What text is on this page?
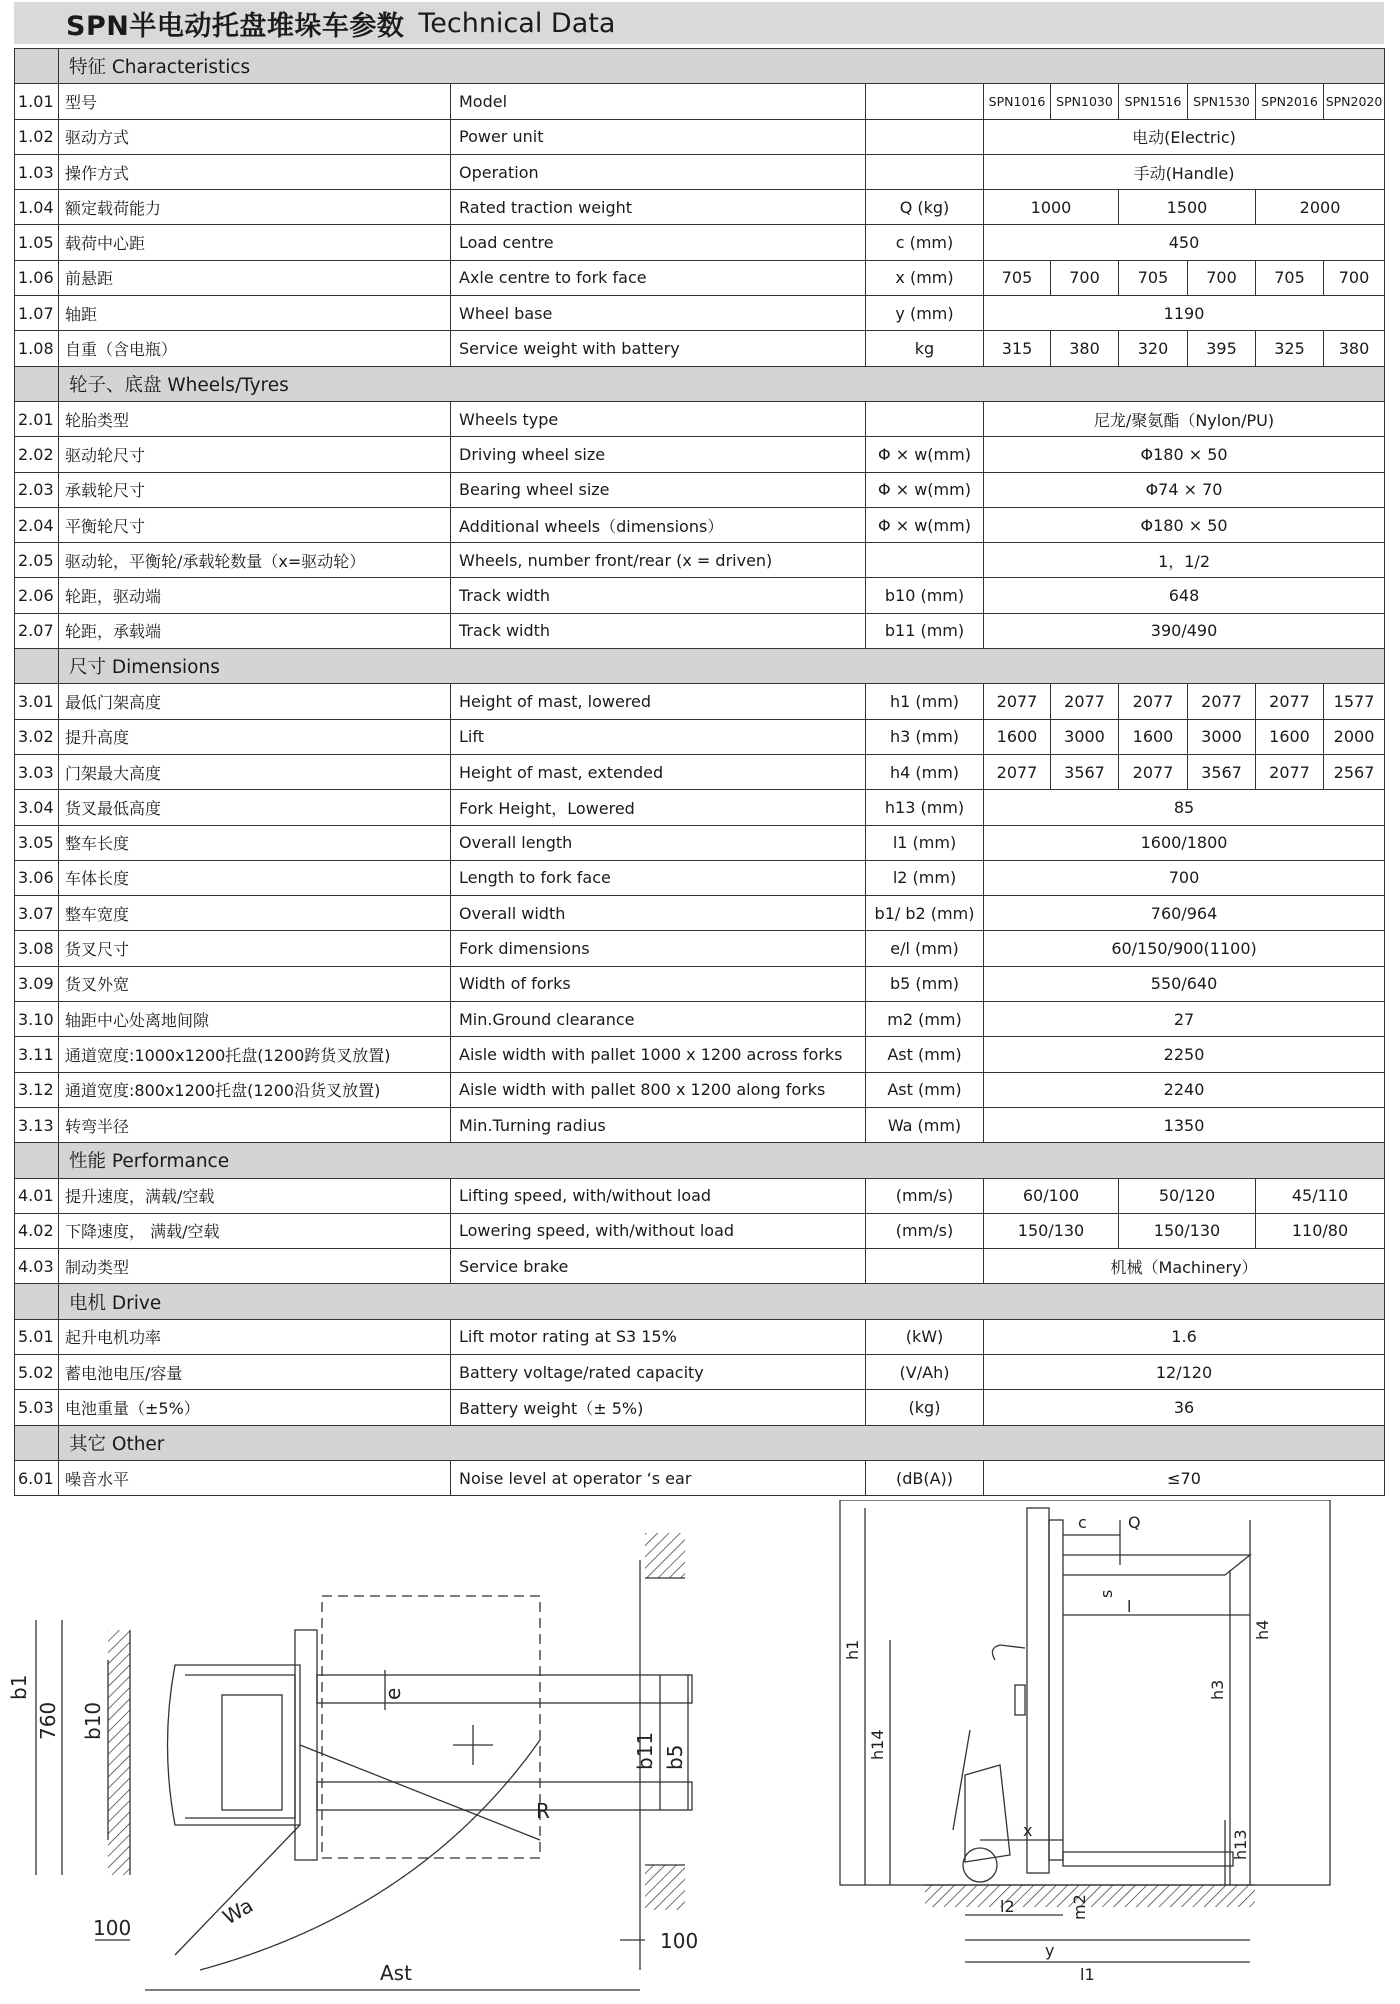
SPN半电动托盘堆垛车参数 Technical Data
	特征 Characteristics								
1.01	型号	Model		SPN1016	SPN1030	SPN1516	SPN1530	SPN2016	SPN2020
1.02	驱动方式	Power unit		电动(Electric)					
1.03	操作方式	Operation		手动(Handle)					
1.04	额定载荷能力	Rated traction weight	Q (kg)	1000		1500		2000	
1.05	载荷中心距	Load centre	c (mm)	450					
1.06	前悬距	Axle centre to fork face	x (mm)	705	700	705	700	705	700
1.07	轴距	Wheel base	y (mm)	1190					
1.08	自重（含电瓶）	Service weight with battery	kg	315	380	320	395	325	380
	轮子、底盘 Wheels/Tyres								
2.01	轮胎类型	Wheels type		尼龙/聚氨酯（Nylon/PU)					
2.02	驱动轮尺寸	Driving wheel size	Φ × w(mm)	Φ180 × 50					
2.03	承载轮尺寸	Bearing wheel size	Φ × w(mm)	Φ74 × 70					
2.04	平衡轮尺寸	Additional wheels（dimensions）	Φ × w(mm)	Φ180 × 50					
2.05	驱动轮，平衡轮/承载轮数量（x=驱动轮）	Wheels, number front/rear (x = driven)		1，1/2					
2.06	轮距，驱动端	Track width	b10 (mm)	648					
2.07	轮距，承载端	Track width	b11 (mm)	390/490					
	尺寸 Dimensions								
3.01	最低门架高度	Height of mast, lowered	h1 (mm)	2077	2077	2077	2077	2077	1577
3.02	提升高度	Lift	h3 (mm)	1600	3000	1600	3000	1600	2000
3.03	门架最大高度	Height of mast, extended	h4 (mm)	2077	3567	2077	3567	2077	2567
3.04	货叉最低高度	Fork Height，Lowered	h13 (mm)	85					
3.05	整车长度	Overall length	l1 (mm)	1600/1800					
3.06	车体长度	Length to fork face	l2 (mm)	700					
3.07	整车宽度	Overall width	b1/ b2 (mm)	760/964					
3.08	货叉尺寸	Fork dimensions	e/l (mm)	60/150/900(1100)					
3.09	货叉外宽	Width of forks	b5 (mm)	550/640					
3.10	轴距中心处离地间隙	Min.Ground clearance	m2 (mm)	27					
3.11	通道宽度:1000x1200托盘(1200跨货叉放置)	Aisle width with pallet 1000 x 1200 across forks	Ast (mm)	2250					
3.12	通道宽度:800x1200托盘(1200沿货叉放置)	Aisle width with pallet 800 x 1200 along forks	Ast (mm)	2240					
3.13	转弯半径	Min.Turning radius	Wa (mm)	1350					
	性能 Performance								
4.01	提升速度，满载/空载	Lifting speed, with/without load	(mm/s)	60/100		50/120		45/110	
4.02	下降速度， 满载/空载	Lowering speed, with/without load	(mm/s)	150/130		150/130		110/80	
4.03	制动类型	Service brake		机械（Machinery）					
	电机 Drive								
5.01	起升电机功率	Lift motor rating at S3 15%	(kW)	1.6					
5.02	蓄电池电压/容量	Battery voltage/rated capacity	(V/Ah)	12/120					
5.03	电池重量（±5%）	Battery weight（± 5%)	(kg)	36					
	其它 Other								
6.01	噪音水平	Noise level at operator ‘s ear	(dB(A))	≤70					
b1
760 b10
e
b11 b5
R
Wa
100
100
Ast
c	Q
s
l
h1
h14
h3
h4
x	h13
l2	m2
y
l1
